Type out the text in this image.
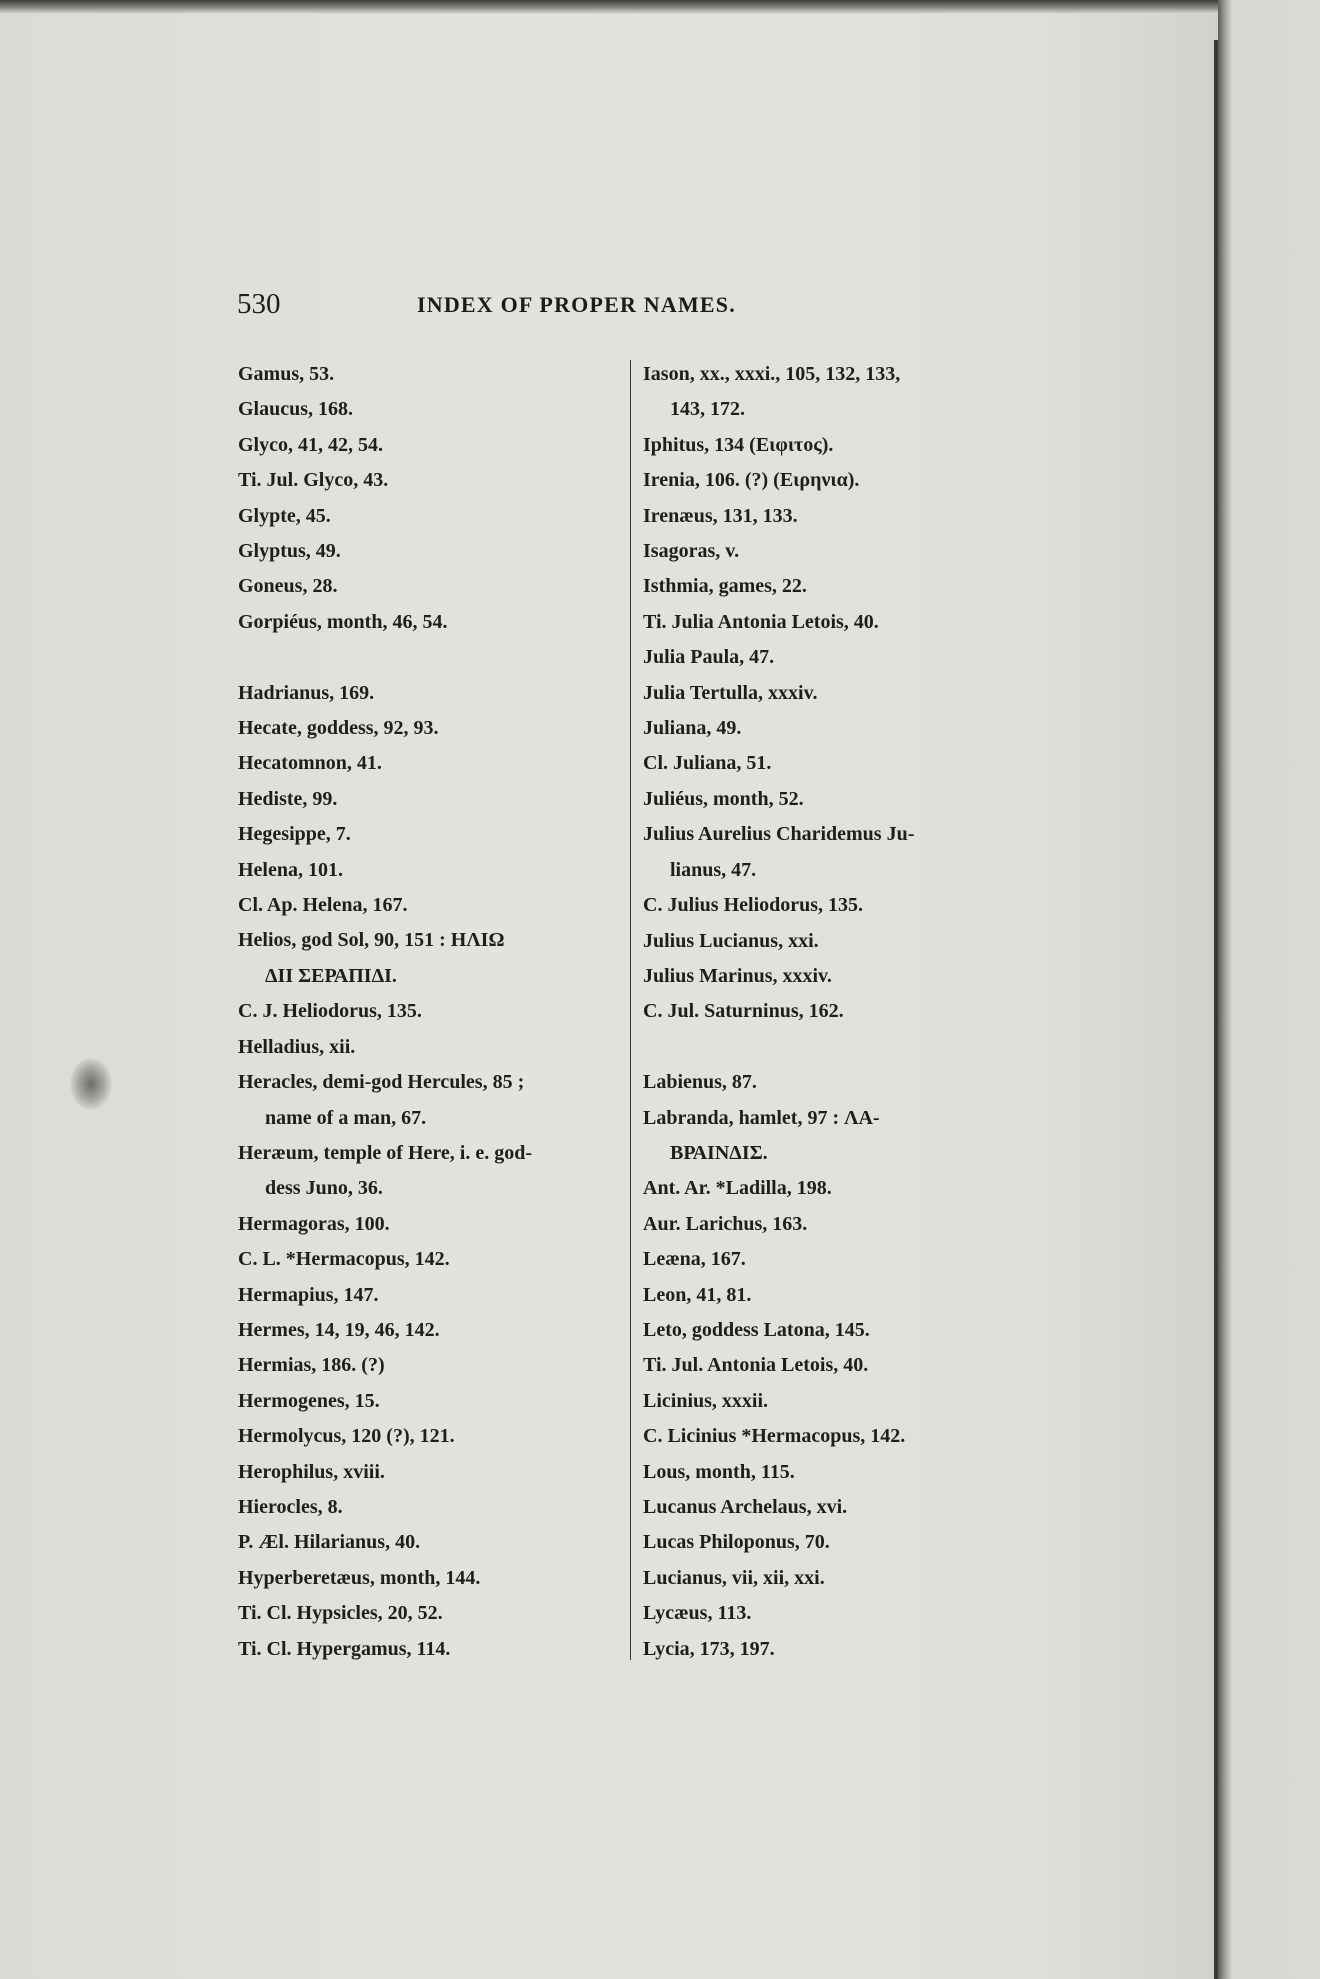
530	INDEX OF PROPER NAMES.
Gamus, 53.
Glaucus, 168.
Glyco, 41, 42, 54.
Ti. Jul. Glyco, 43.
Glypte, 45.
Glyptus, 49.
Goneus, 28.
Gorpiéus, month, 46, 54.
Hadrianus, 169.
Hecate, goddess, 92, 93.
Hecatomnon, 41.
Hediste, 99.
Hegesippe, 7.
Helena, 101.
Cl. Ap. Helena, 167.
Helios, god Sol, 90, 151 : ΗΛΙΩ
ΔΙΙ ΣΕΡΑΠΙΔΙ.
C. J. Heliodorus, 135.
Helladius, xii.
Heracles, demi-god Hercules, 85 ;
name of a man, 67.
Heræum, temple of Here, i. e. god-
dess Juno, 36.
Hermagoras, 100.
C. L. *Hermacopus, 142.
Hermapius, 147.
Hermes, 14, 19, 46, 142.
Hermias, 186. (?)
Hermogenes, 15.
Hermolycus, 120 (?), 121.
Herophilus, xviii.
Hierocles, 8.
P. Æl. Hilarianus, 40.
Hyperberetæus, month, 144.
Ti. Cl. Hypsicles, 20, 52.
Ti. Cl. Hypergamus, 114.
Iason, xx., xxxi., 105, 132, 133,
143, 172.
Iphitus, 134 (Ειφιτος).
Irenia, 106. (?) (Ειρηνια).
Irenæus, 131, 133.
Isagoras, v.
Isthmia, games, 22.
Ti. Julia Antonia Letois, 40.
Julia Paula, 47.
Julia Tertulla, xxxiv.
Juliana, 49.
Cl. Juliana, 51.
Juliéus, month, 52.
Julius Aurelius Charidemus Ju-
lianus, 47.
C. Julius Heliodorus, 135.
Julius Lucianus, xxi.
Julius Marinus, xxxiv.
C. Jul. Saturninus, 162.
Labienus, 87.
Labranda, hamlet, 97 : ΛΑ-
ΒΡΑΙΝΔΙΣ.
Ant. Ar. *Ladilla, 198.
Aur. Larichus, 163.
Leæna, 167.
Leon, 41, 81.
Leto, goddess Latona, 145.
Ti. Jul. Antonia Letois, 40.
Licinius, xxxii.
C. Licinius *Hermacopus, 142.
Lous, month, 115.
Lucanus Archelaus, xvi.
Lucas Philoponus, 70.
Lucianus, vii, xii, xxi.
Lycæus, 113.
Lycia, 173, 197.
